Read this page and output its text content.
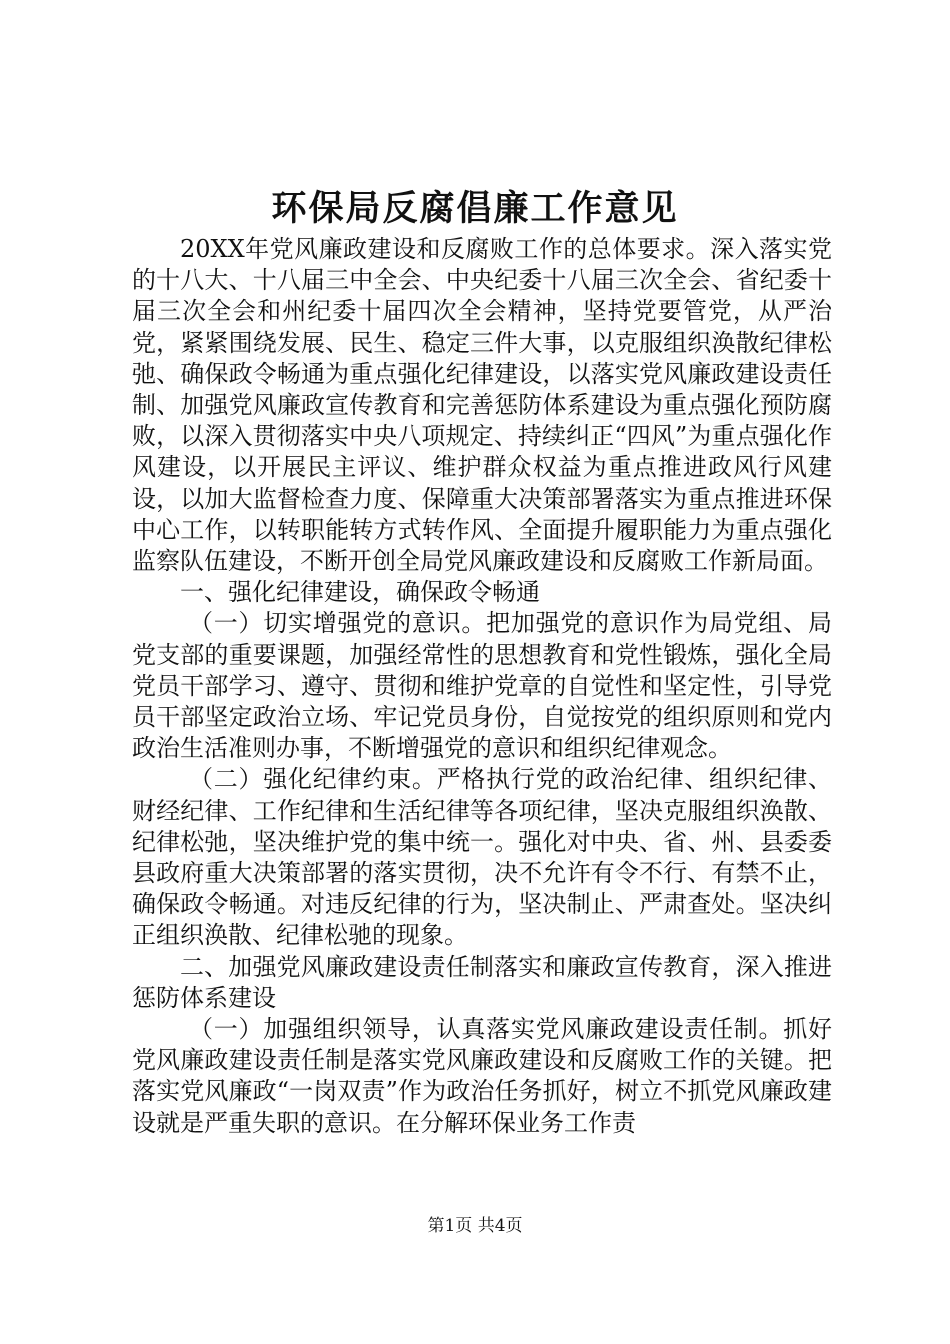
环保局反腐倡廉工作意见

20XX年党风廉政建设和反腐败工作的总体要求。深入落实党的十八大、十八届三中全会、中央纪委十八届三次全会、省纪委十届三次全会和州纪委十届四次全会精神，坚持党要管党，从严治党，紧紧围绕发展、民生、稳定三件大事，以克服组织涣散纪律松弛、确保政令畅通为重点强化纪律建设，以落实党风廉政建设责任制、加强党风廉政宣传教育和完善惩防体系建设为重点强化预防腐败，以深入贯彻落实中央八项规定、持续纠正“四风”为重点强化作风建设，以开展民主评议、维护群众权益为重点推进政风行风建设，以加大监督检查力度、保障重大决策部署落实为重点推进环保中心工作，以转职能转方式转作风、全面提升履职能力为重点强化监察队伍建设，不断开创全局党风廉政建设和反腐败工作新局面。

一、强化纪律建设，确保政令畅通

（一）切实增强党的意识。把加强党的意识作为局党组、局党支部的重要课题，加强经常性的思想教育和党性锻炼，强化全局党员干部学习、遵守、贯彻和维护党章的自觉性和坚定性，引导党员干部坚定政治立场、牢记党员身份，自觉按党的组织原则和党内政治生活准则办事，不断增强党的意识和组织纪律观念。

（二）强化纪律约束。严格执行党的政治纪律、组织纪律、财经纪律、工作纪律和生活纪律等各项纪律，坚决克服组织涣散、纪律松弛，坚决维护党的集中统一。强化对中央、省、州、县委委县政府重大决策部署的落实贯彻，决不允许有令不行、有禁不止，确保政令畅通。对违反纪律的行为，坚决制止、严肃查处。坚决纠正组织涣散、纪律松驰的现象。

二、加强党风廉政建设责任制落实和廉政宣传教育，深入推进惩防体系建设

（一）加强组织领导，认真落实党风廉政建设责任制。抓好党风廉政建设责任制是落实党风廉政建设和反腐败工作的关键。把落实党风廉政“一岗双责”作为政治任务抓好，树立不抓党风廉政建设就是严重失职的意识。在分解环保业务工作责

第1页 共4页
